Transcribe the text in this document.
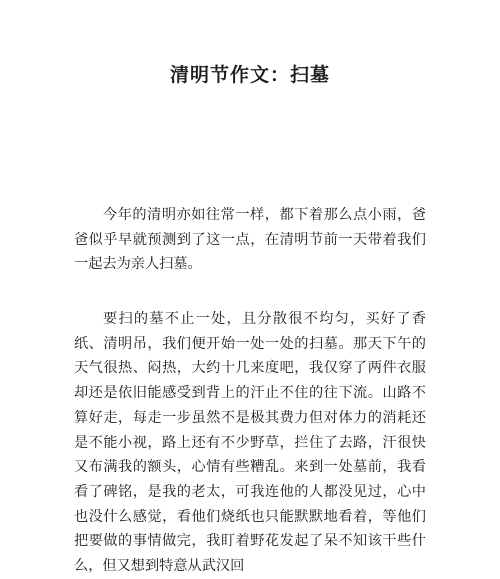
清明节作文：扫墓

今年的清明亦如往常一样，都下着那么点小雨，爸爸似乎早就预测到了这一点，在清明节前一天带着我们一起去为亲人扫墓。

要扫的墓不止一处，且分散很不均匀，买好了香纸、清明吊，我们便开始一处一处的扫墓。那天下午的天气很热、闷热，大约十几来度吧，我仅穿了两件衣服却还是依旧能感受到背上的汗止不住的往下流。山路不算好走，每走一步虽然不是极其费力但对体力的消耗还是不能小视，路上还有不少野草，拦住了去路，汗很快又布满我的额头，心情有些糟乱。来到一处墓前，我看看了碑铭，是我的老太，可我连他的人都没见过，心中也没什么感觉，看他们烧纸也只能默默地看着，等他们把要做的事情做完，我盯着野花发起了呆不知该干些什么，但又想到特意从武汉回
